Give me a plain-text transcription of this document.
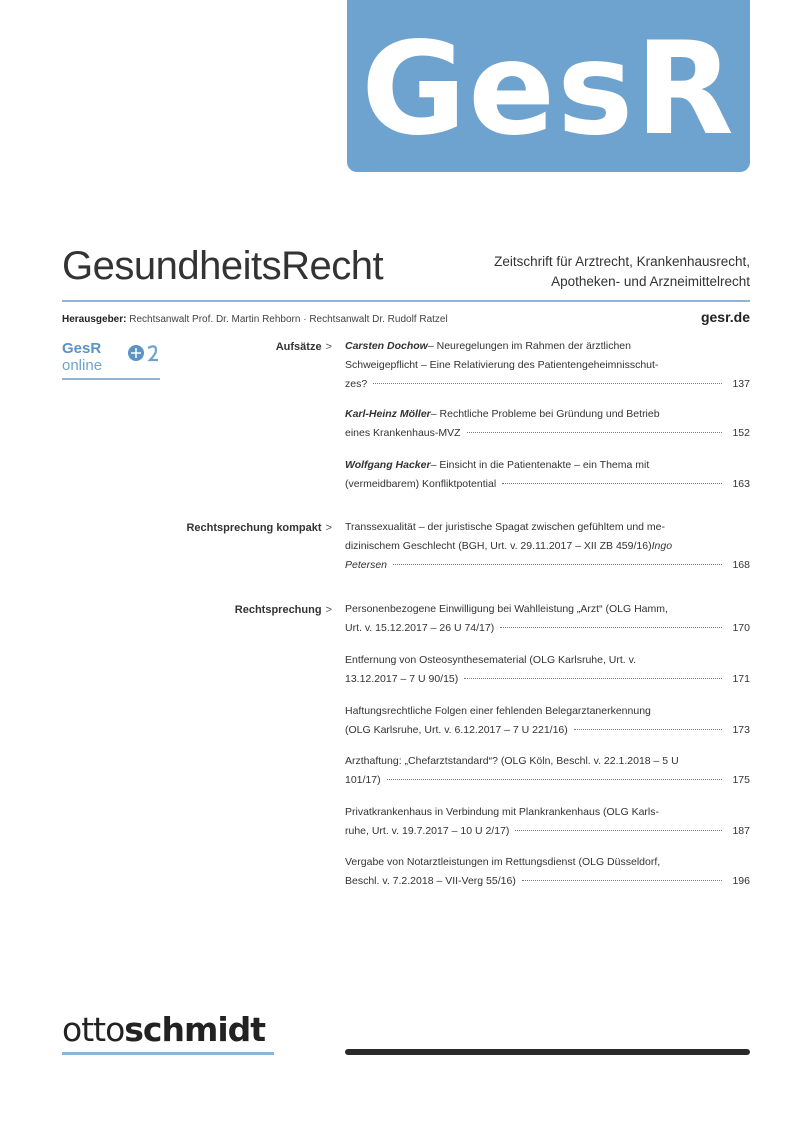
GesR
GesundheitsRecht	Zeitschrift für Arztrecht, Krankenhausrecht,
Apotheken- und Arzneimittelrecht
Herausgeber: Rechtsanwalt Prof. Dr. Martin Rehborn · Rechtsanwalt Dr. Rudolf Ratzel	gesr.de
GesR
online
Aufsätze >
Rechtsprechung kompakt >
Rechtsprechung >
Carsten Dochow – Neuregelungen im Rahmen der ärztlichen
Schweigepflicht – Eine Relativierung des Patientengeheimnisschut-
zes?	137
Karl-Heinz Möller – Rechtliche Probleme bei Gründung und Betrieb
eines Krankenhaus-MVZ	152
Wolfgang Hacker – Einsicht in die Patientenakte – ein Thema mit
(vermeidbarem) Konfliktpotential	163
Transsexualität – der juristische Spagat zwischen gefühltem und me-
dizinischem Geschlecht (BGH, Urt. v. 29.11.2017 – XII ZB 459/16) Ingo
Petersen	168
Personenbezogene Einwilligung bei Wahlleistung „Arzt“ (OLG Hamm,
Urt. v. 15.12.2017 – 26 U 74/17)	170
Entfernung von Osteosynthesematerial (OLG Karlsruhe, Urt. v.
13.12.2017 – 7 U 90/15)	171
Haftungsrechtliche Folgen einer fehlenden Belegarztanerkennung
(OLG Karlsruhe, Urt. v. 6.12.2017 – 7 U 221/16)	173
Arzthaftung: „Chefarztstandard“? (OLG Köln, Beschl. v. 22.1.2018 – 5 U
101/17)	175
Privatkrankenhaus in Verbindung mit Plankrankenhaus (OLG Karls-
ruhe, Urt. v. 19.7.2017 – 10 U 2/17)	187
Vergabe von Notarztleistungen im Rettungsdienst (OLG Düsseldorf,
Beschl. v. 7.2.2018 – VII-Verg 55/16)	196
ottoschmidt
